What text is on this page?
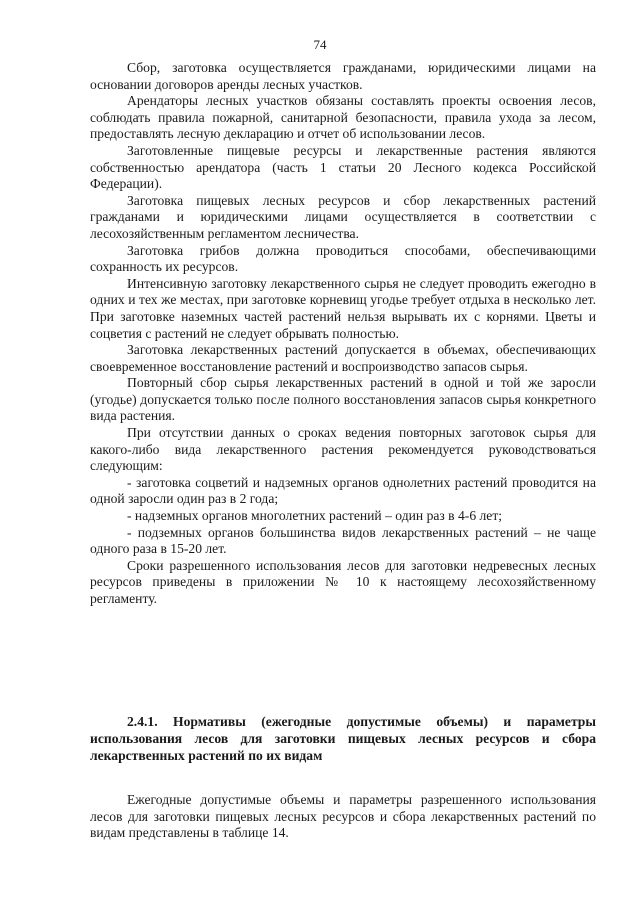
74

Сбор, заготовка осуществляется гражданами, юридическими лицами на основании договоров аренды лесных участков.

Арендаторы лесных участков обязаны составлять проекты освоения лесов, соблюдать правила пожарной, санитарной безопасности, правила ухода за лесом, предоставлять лесную декларацию и отчет об использовании лесов.

Заготовленные пищевые ресурсы и лекарственные растения являются собственностью арендатора (часть 1 статьи 20 Лесного кодекса Российской Федерации).

Заготовка пищевых лесных ресурсов и сбор лекарственных растений гражданами и юридическими лицами осуществляется в соответствии с лесохозяйственным регламентом лесничества.

Заготовка грибов должна проводиться способами, обеспечивающими сохранность их ресурсов.

Интенсивную заготовку лекарственного сырья не следует проводить ежегодно в одних и тех же местах, при заготовке корневищ угодье требует отдыха в несколько лет. При заготовке наземных частей растений нельзя вырывать их с корнями. Цветы и соцветия с растений не следует обрывать полностью.

Заготовка лекарственных растений допускается в объемах, обеспечивающих своевременное восстановление растений и воспроизводство запасов сырья.

Повторный сбор сырья лекарственных растений в одной и той же заросли (угодье) допускается только после полного восстановления запасов сырья конкретного вида растения.

При отсутствии данных о сроках ведения повторных заготовок сырья для какого-либо вида лекарственного растения рекомендуется руководствоваться следующим:

- заготовка соцветий и надземных органов однолетних растений проводится на одной заросли один раз в 2 года;

- надземных органов многолетних растений – один раз в 4-6 лет;

- подземных органов большинства видов лекарственных растений – не чаще одного раза в 15-20 лет.

Сроки разрешенного использования лесов для заготовки недревесных лесных ресурсов приведены в приложении № 10 к настоящему лесохозяйственному регламенту.

2.4.1. Нормативы (ежегодные допустимые объемы) и параметры использования лесов для заготовки пищевых лесных ресурсов и сбора лекарственных растений по их видам

Ежегодные допустимые объемы и параметры разрешенного использования лесов для заготовки пищевых лесных ресурсов и сбора лекарственных растений по видам представлены в таблице 14.
